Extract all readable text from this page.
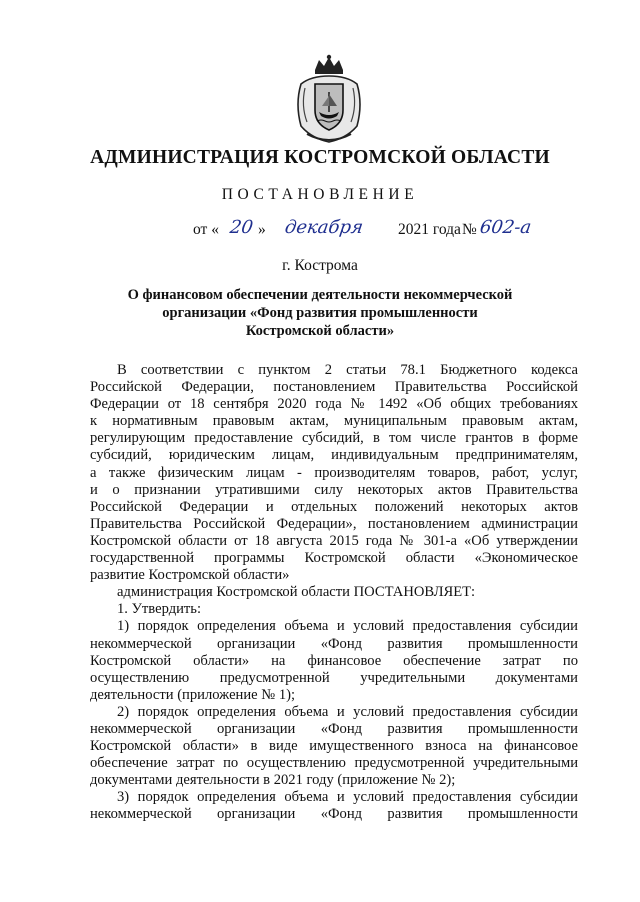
АДМИНИСТРАЦИЯ КОСТРОМСКОЙ ОБЛАСТИ
ПОСТАНОВЛЕНИЕ
от « 20 » декабря 2021 года № 602-а
г. Кострома
О финансовом обеспечении деятельности некоммерческой
организации «Фонд развития промышленности
Костромской области»
В соответствии с пунктом 2 статьи 78.1 Бюджетного кодекса
Российской Федерации, постановлением Правительства Российской
Федерации от 18 сентября 2020 года № 1492 «Об общих требованиях
к нормативным правовым актам, муниципальным правовым актам,
регулирующим предоставление субсидий, в том числе грантов в форме
субсидий, юридическим лицам, индивидуальным предпринимателям,
а также физическим лицам - производителям товаров, работ, услуг,
и о признании утратившими силу некоторых актов Правительства
Российской Федерации и отдельных положений некоторых актов
Правительства Российской Федерации», постановлением администрации
Костромской области от 18 августа 2015 года № 301-а «Об утверждении
государственной программы Костромской области «Экономическое
развитие Костромской области»
администрация Костромской области ПОСТАНОВЛЯЕТ:
1. Утвердить:
1) порядок определения объема и условий предоставления субсидии
некоммерческой организации «Фонд развития промышленности
Костромской области» на финансовое обеспечение затрат по
осуществлению предусмотренной учредительными документами
деятельности (приложение № 1);
2) порядок определения объема и условий предоставления субсидии
некоммерческой организации «Фонд развития промышленности
Костромской области» в виде имущественного взноса на финансовое
обеспечение затрат по осуществлению предусмотренной учредительными
документами деятельности в 2021 году (приложение № 2);
3) порядок определения объема и условий предоставления субсидии
некоммерческой организации «Фонд развития промышленности
